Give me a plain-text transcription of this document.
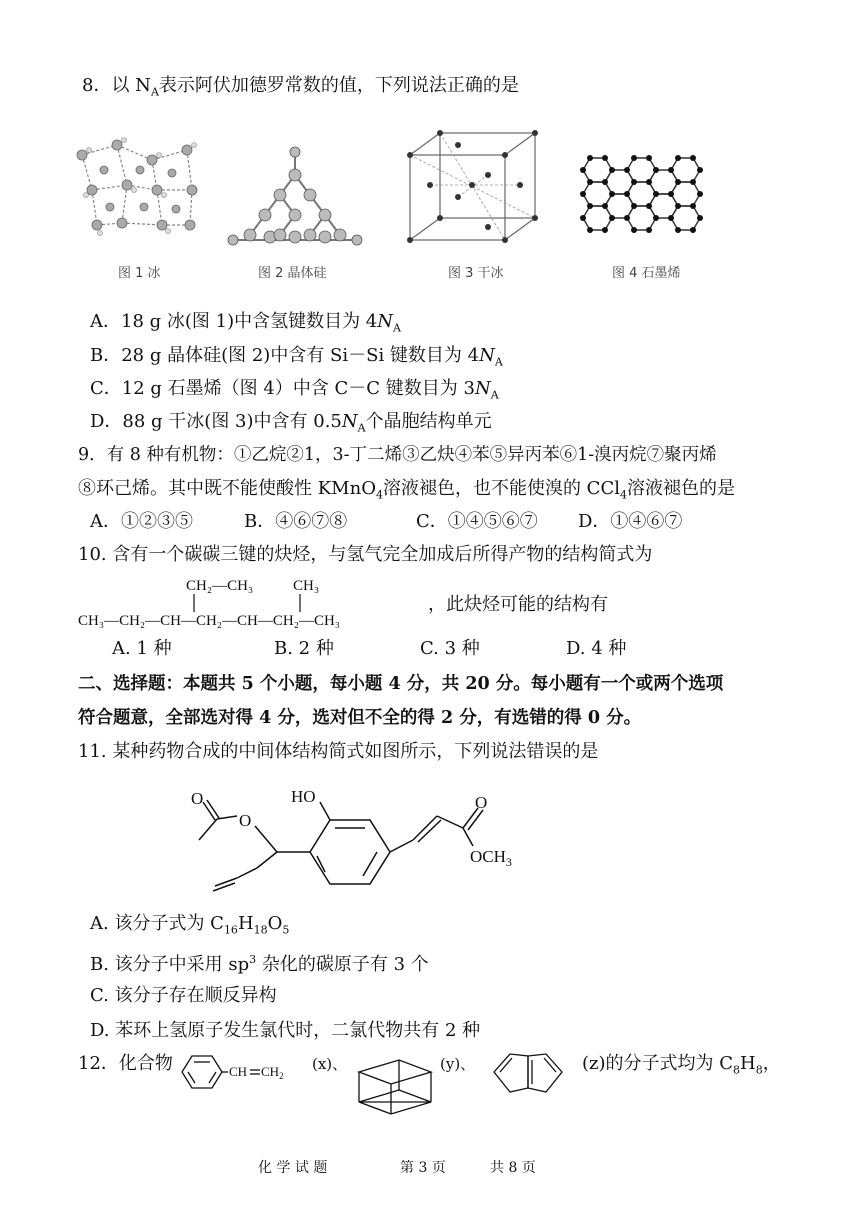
8．以 $N_A$表示阿伏加德罗常数的值，下列说法正确的是
图 1 冰	图 2 晶体硅	图 3 干冰	图 4 石墨烯
A．18 g 冰(图 1)中含氢键数目为 $4N_A$
B．28 g 晶体硅(图 2)中含有 Si－Si 键数目为 $4N_A$
C．12 g 石墨烯（图 4）中含 C－C 键数目为 $3N_A$
D．88 g 干冰(图 3)中含有 $0.5N_A$个晶胞结构单元
9．有 8 种有机物：①乙烷②1，3-丁二烯③乙炔④苯⑤异丙苯⑥1-溴丙烷⑦聚丙烯
⑧环己烯。其中既不能使酸性 KMnO$_4$溶液褪色，也不能使溴的 CCl$_4$溶液褪色的是
A．①②③⑤	B．④⑥⑦⑧	C．①④⑤⑥⑦ D．①④⑥⑦
10. 含有一个碳碳三键的炔烃，与氢气完全加成后所得产物的结构简式为
CH₂—CH₃	CH₃
CH₃—CH₂—CH—CH₂—CH—CH₂—CH₃
，此炔烃可能的结构有
A. 1 种	B. 2 种	C. 3 种	D. 4 种
二、选择题：本题共 5 个小题，每小题 4 分，共 20 分。每小题有一个或两个选项
符合题意，全部选对得 4 分，选对但不全的得 2 分，有选错的得 0 分。
11. 某种药物合成的中间体结构简式如图所示，下列说法错误的是
O
O
HO	O
$OCH_3$
A. 该分子式为 $C_{16}H_{18}O_5$
B. 该分子中采用 $sp^3$ 杂化的碳原子有 3 个
C. 该分子存在顺反异构
D. 苯环上氢原子发生氯代时，二氯代物共有 2 种
12．化合物	CH $CH_2$
(x)、	(y)、	(z)的分子式均为 $C_8H_8$，
化 学 试 题	第 3 页	共 8 页
